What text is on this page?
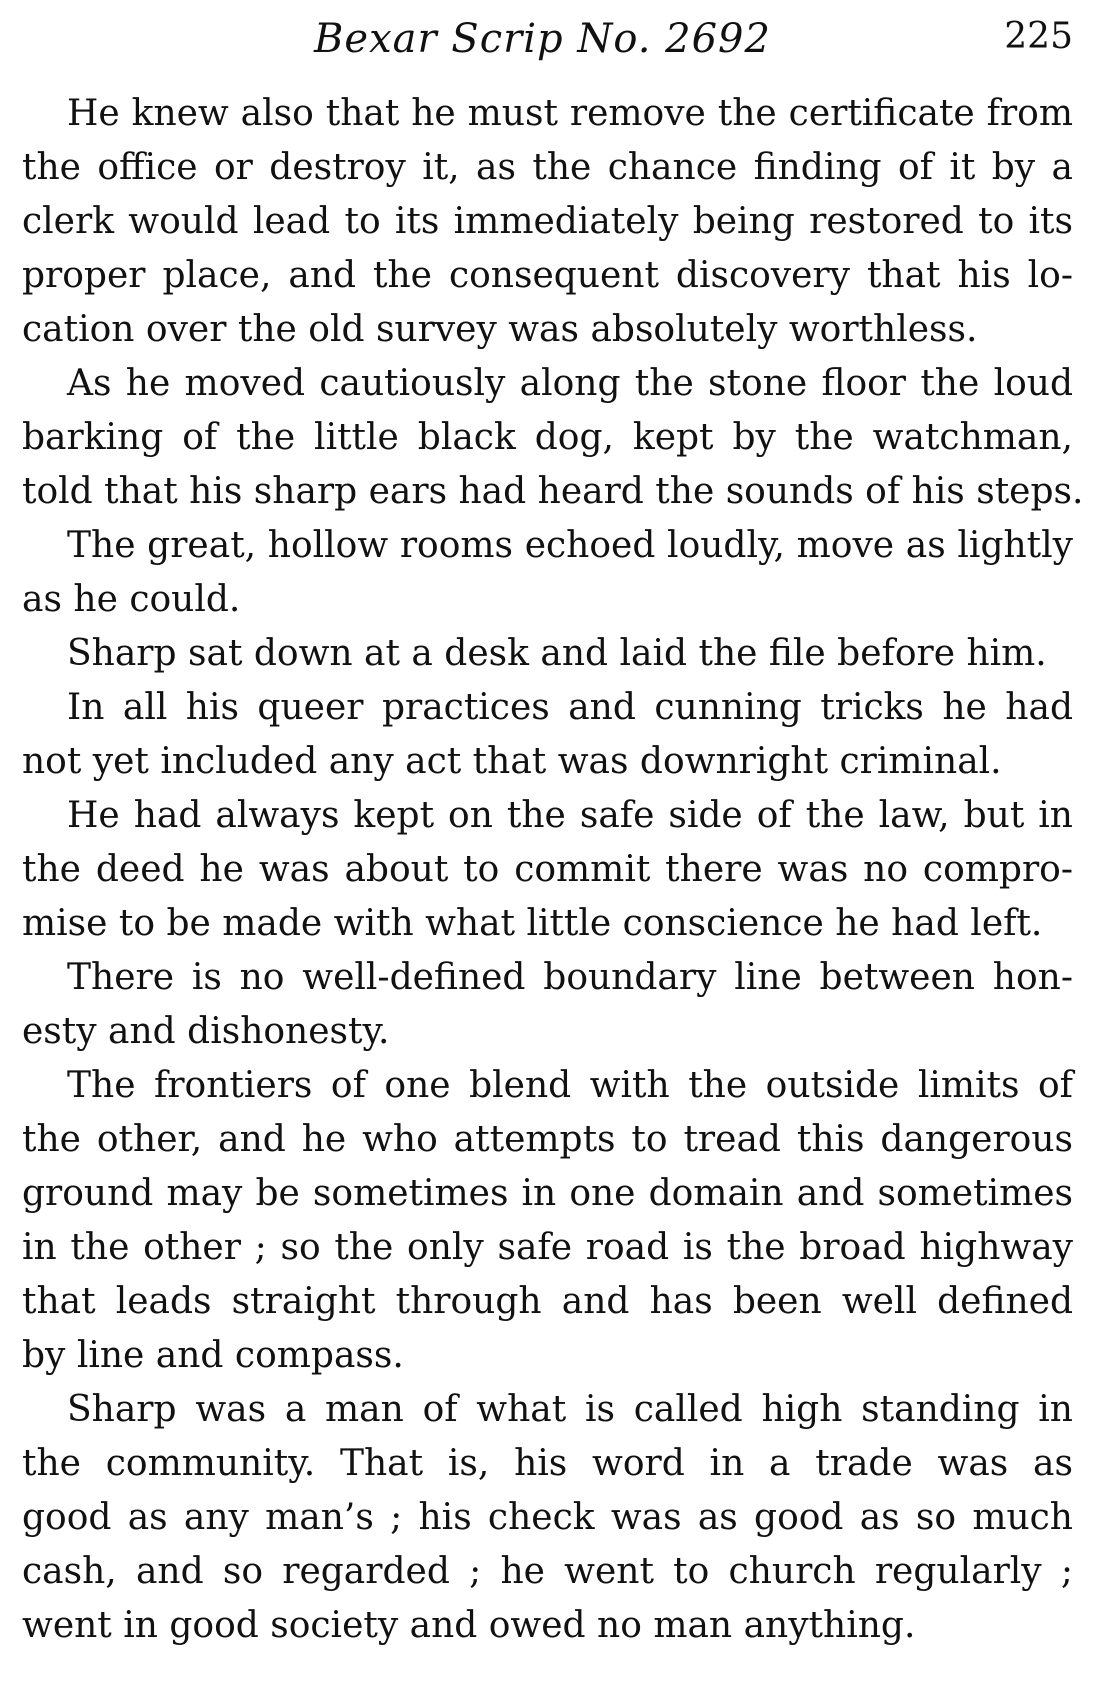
Bexar Scrip No. 2692	225

He knew also that he must remove the certificate from
the office or destroy it, as the chance finding of it by a
clerk would lead to its immediately being restored to its
proper place, and the consequent discovery that his lo-
cation over the old survey was absolutely worthless.

As he moved cautiously along the stone floor the loud
barking of the little black dog, kept by the watchman,
told that his sharp ears had heard the sounds of his steps.

The great, hollow rooms echoed loudly, move as lightly
as he could.

Sharp sat down at a desk and laid the file before him.

In all his queer practices and cunning tricks he had
not yet included any act that was downright criminal.

He had always kept on the safe side of the law, but in
the deed he was about to commit there was no compro-
mise to be made with what little conscience he had left.

There is no well-defined boundary line between hon-
esty and dishonesty.

The frontiers of one blend with the outside limits of
the other, and he who attempts to tread this dangerous
ground may be sometimes in one domain and sometimes
in the other ; so the only safe road is the broad highway
that leads straight through and has been well defined
by line and compass.

Sharp was a man of what is called high standing in
the community. That is, his word in a trade was as
good as any man’s ; his check was as good as so much
cash, and so regarded ; he went to church regularly ;
went in good society and owed no man anything.
